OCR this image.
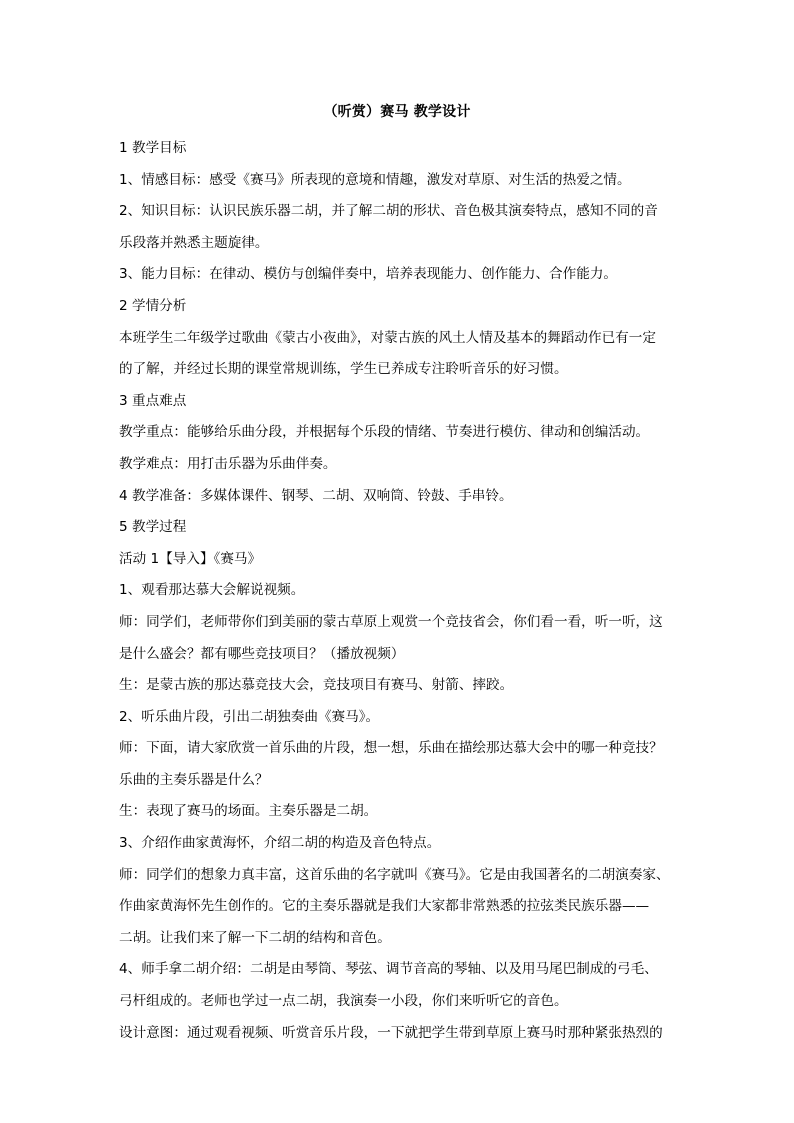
（听赏）赛马 教学设计
1 教学目标
1、情感目标：感受《赛马》所表现的意境和情趣，激发对草原、对生活的热爱之情。
2、知识目标：认识民族乐器二胡，并了解二胡的形状、音色极其演奏特点，感知不同的音
乐段落并熟悉主题旋律。
3、能力目标：在律动、模仿与创编伴奏中，培养表现能力、创作能力、合作能力。
2 学情分析
本班学生二年级学过歌曲《蒙古小夜曲》，对蒙古族的风土人情及基本的舞蹈动作已有一定
的了解，并经过长期的课堂常规训练，学生已养成专注聆听音乐的好习惯。
3 重点难点
教学重点：能够给乐曲分段，并根据每个乐段的情绪、节奏进行模仿、律动和创编活动。
教学难点：用打击乐器为乐曲伴奏。
4 教学准备：多媒体课件、钢琴、二胡、双响筒、铃鼓、手串铃。
5 教学过程
活动 1【导入】《赛马》
1、观看那达慕大会解说视频。
师：同学们，老师带你们到美丽的蒙古草原上观赏一个竞技省会，你们看一看，听一听，这
是什么盛会？都有哪些竞技项目？（播放视频）
生：是蒙古族的那达慕竞技大会，竞技项目有赛马、射箭、摔跤。
2、听乐曲片段，引出二胡独奏曲《赛马》。
师：下面，请大家欣赏一首乐曲的片段，想一想，乐曲在描绘那达慕大会中的哪一种竞技？
乐曲的主奏乐器是什么？
生：表现了赛马的场面。主奏乐器是二胡。
3、介绍作曲家黄海怀，介绍二胡的构造及音色特点。
师：同学们的想象力真丰富，这首乐曲的名字就叫《赛马》。它是由我国著名的二胡演奏家、
作曲家黄海怀先生创作的。它的主奏乐器就是我们大家都非常熟悉的拉弦类民族乐器——
二胡。让我们来了解一下二胡的结构和音色。
4、师手拿二胡介绍：二胡是由琴筒、琴弦、调节音高的琴轴、以及用马尾巴制成的弓毛、
弓杆组成的。老师也学过一点二胡，我演奏一小段，你们来听听它的音色。
设计意图：通过观看视频、听赏音乐片段，一下就把学生带到草原上赛马时那种紧张热烈的
